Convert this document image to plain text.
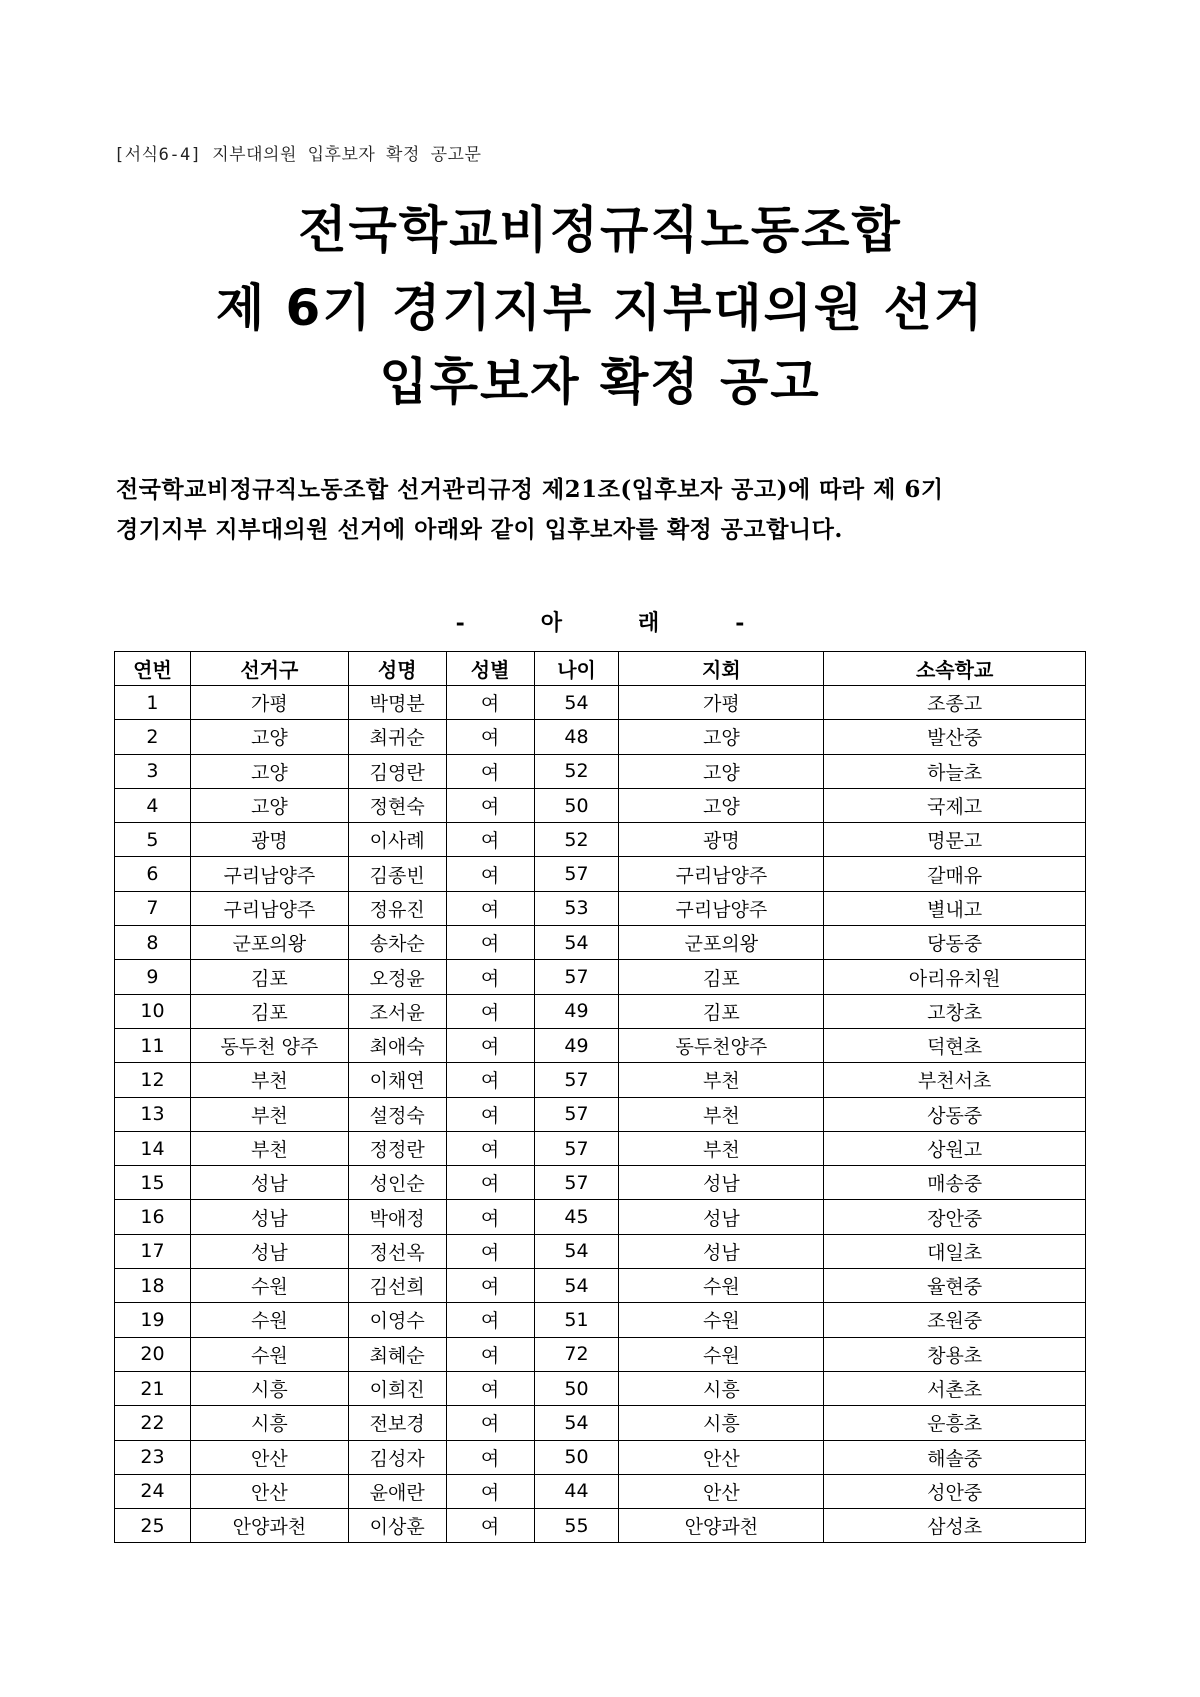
[서식6-4] 지부대의원 입후보자 확정 공고문
전국학교비정규직노동조합
제 6기 경기지부 지부대의원 선거
입후보자 확정 공고
전국학교비정규직노동조합 선거관리규정 제21조(입후보자 공고)에 따라 제 6기
경기지부 지부대의원 선거에 아래와 같이 입후보자를 확정 공고합니다.
-	아	래	-
연번	선거구	성명	성별	나이	지회	소속학교
1	가평	박명분	여	54	가평	조종고
2	고양	최귀순	여	48	고양	발산중
3	고양	김영란	여	52	고양	하늘초
4	고양	정현숙	여	50	고양	국제고
5	광명	이사례	여	52	광명	명문고
6	구리남양주	김종빈	여	57	구리남양주	갈매유
7	구리남양주	정유진	여	53	구리남양주	별내고
8	군포의왕	송차순	여	54	군포의왕	당동중
9	김포	오정윤	여	57	김포	아리유치원
10	김포	조서윤	여	49	김포	고창초
11	동두천 양주	최애숙	여	49	동두천양주	덕현초
12	부천	이채연	여	57	부천	부천서초
13	부천	설정숙	여	57	부천	상동중
14	부천	정정란	여	57	부천	상원고
15	성남	성인순	여	57	성남	매송중
16	성남	박애정	여	45	성남	장안중
17	성남	정선옥	여	54	성남	대일초
18	수원	김선희	여	54	수원	율현중
19	수원	이영수	여	51	수원	조원중
20	수원	최혜순	여	72	수원	창용초
21	시흥	이희진	여	50	시흥	서촌초
22	시흥	전보경	여	54	시흥	운흥초
23	안산	김성자	여	50	안산	해솔중
24	안산	윤애란	여	44	안산	성안중
25	안양과천	이상훈	여	55	안양과천	삼성초
